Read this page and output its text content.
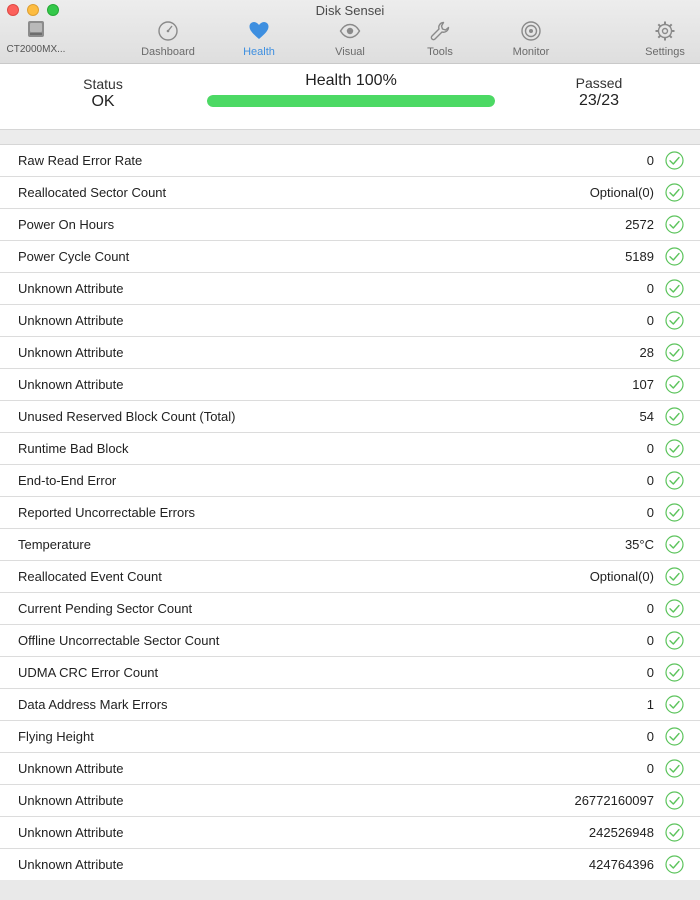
Disk Sensei
CT2000MX...	Dashboard	Health	Visual	Tools	Monitor	Settings
Status
OK
Health 100%	Passed
23/23
Raw Read Error Rate	0
Reallocated Sector Count	Optional(0)
Power On Hours	2572
Power Cycle Count	5189
Unknown Attribute	0
Unknown Attribute	0
Unknown Attribute	28
Unknown Attribute	107
Unused Reserved Block Count (Total)	54
Runtime Bad Block	0
End-to-End Error	0
Reported Uncorrectable Errors	0
Temperature	35°C
Reallocated Event Count	Optional(0)
Current Pending Sector Count	0
Offline Uncorrectable Sector Count	0
UDMA CRC Error Count	0
Data Address Mark Errors	1
Flying Height	0
Unknown Attribute	0
Unknown Attribute	26772160097
Unknown Attribute	242526948
Unknown Attribute	424764396
